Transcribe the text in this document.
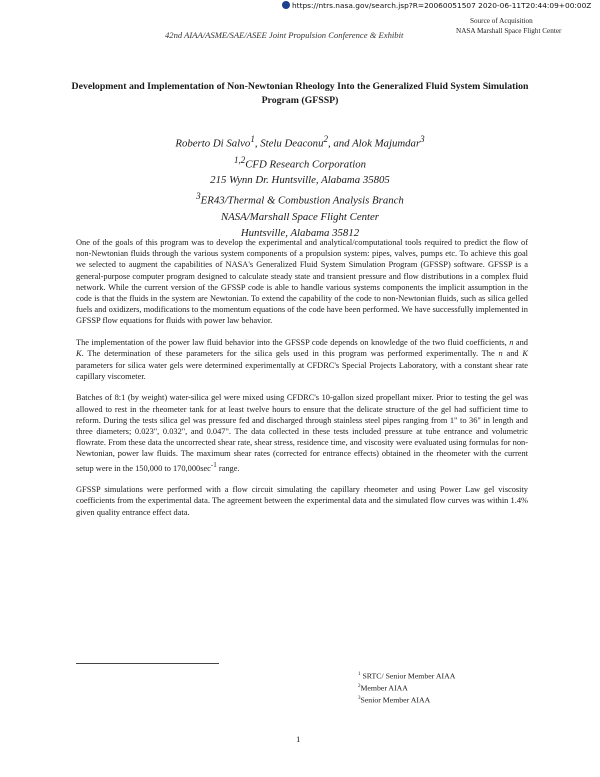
https://ntrs.nasa.gov/search.jsp?R=20060051507 2020-06-11T20:44:09+00:00Z
Source of Acquisition
NASA Marshall Space Flight Center
42nd AIAA/ASME/SAE/ASEE Joint Propulsion Conference & Exhibit
Development and Implementation of Non-Newtonian Rheology Into the Generalized Fluid System Simulation Program (GFSSP)
Roberto Di Salvo$^1$, Stelu Deaconu$^2$, and Alok Majumdar$^3$
$^{1,2}$CFD Research Corporation
215 Wynn Dr. Huntsville, Alabama 35805
$^3$ER43/Thermal & Combustion Analysis Branch
NASA/Marshall Space Flight Center
Huntsville, Alabama 35812

One of the goals of this program was to develop the experimental and analytical/computational tools required to predict the flow of non-Newtonian fluids through the various system components of a propulsion system: pipes, valves, pumps etc. To achieve this goal we selected to augment the capabilities of NASA's Generalized Fluid System Simulation Program (GFSSP) software. GFSSP is a general-purpose computer program designed to calculate steady state and transient pressure and flow distributions in a complex fluid network. While the current version of the GFSSP code is able to handle various systems components the implicit assumption in the code is that the fluids in the system are Newtonian. To extend the capability of the code to non-Newtonian fluids, such as silica gelled fuels and oxidizers, modifications to the momentum equations of the code have been performed. We have successfully implemented in GFSSP flow equations for fluids with power law behavior.

The implementation of the power law fluid behavior into the GFSSP code depends on knowledge of the two fluid coefficients, n and K. The determination of these parameters for the silica gels used in this program was performed experimentally. The n and K parameters for silica water gels were determined experimentally at CFDRC's Special Projects Laboratory, with a constant shear rate capillary viscometer.

Batches of 8:1 (by weight) water-silica gel were mixed using CFDRC's 10-gallon sized propellant mixer. Prior to testing the gel was allowed to rest in the rheometer tank for at least twelve hours to ensure that the delicate structure of the gel had sufficient time to reform. During the tests silica gel was pressure fed and discharged through stainless steel pipes ranging from 1" to 36" in length and three diameters; 0.023", 0.032", and 0.047". The data collected in these tests included pressure at tube entrance and volumetric flowrate. From these data the uncorrected shear rate, shear stress, residence time, and viscosity were evaluated using formulas for non-Newtonian, power law fluids. The maximum shear rates (corrected for entrance effects) obtained in the rheometer with the current setup were in the 150,000 to $170,000\sec^{-1}$ range.

GFSSP simulations were performed with a flow circuit simulating the capillary rheometer and using Power Law gel viscosity coefficients from the experimental data. The agreement between the experimental data and the simulated flow curves was within 1.4% given quality entrance effect data.

$^1$ SRTC/ Senior Member AIAA
$^2$Member AIAA
$^3$Senior Member AIAA
1
